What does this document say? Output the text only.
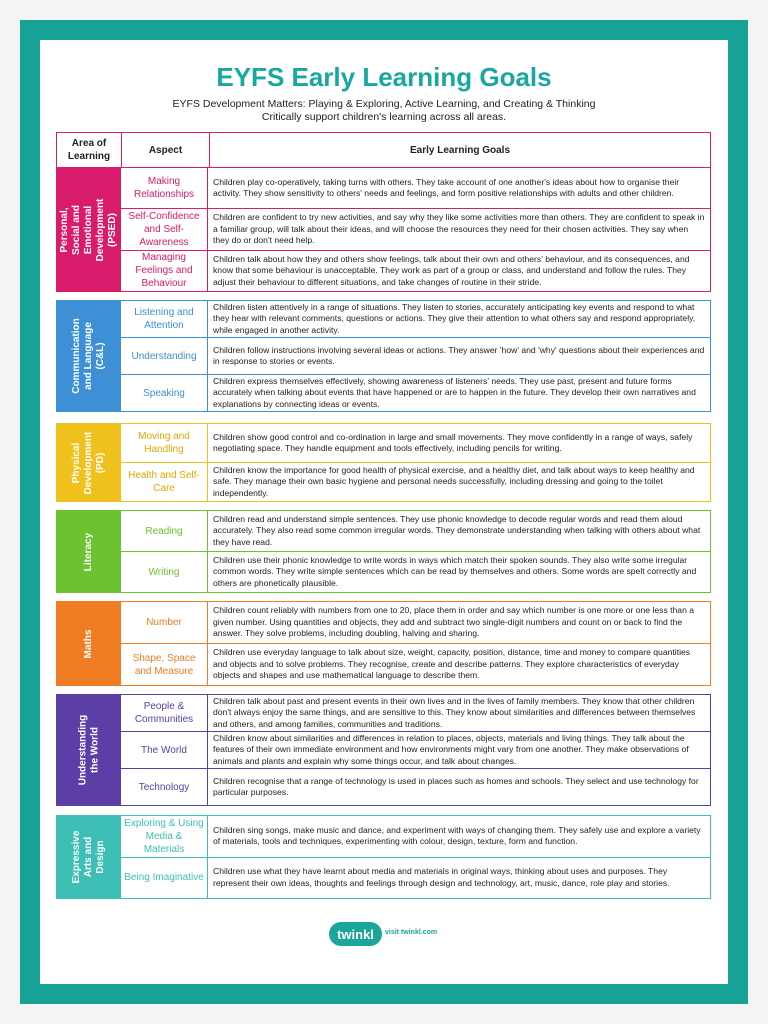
EYFS Early Learning Goals
EYFS Development Matters: Playing & Exploring, Active Learning, and Creating & Thinking
Critically support children's learning across all areas.
Area of Learning
Aspect	Early Learning Goals
Personal, Social and Emotional Development (PSED)
Making Relationships
Children play co-operatively, taking turns with others. They take account of one another's ideas about how to organise their activity. They show sensitivity to others' needs and feelings, and form positive relationships with adults and other children.
Self-Confidence and Self-Awareness
Children are confident to try new activities, and say why they like some activities more than others. They are confident to speak in a familiar group, will talk about their ideas, and will choose the resources they need for their chosen activities. They say when they do or don't need help.
Managing Feelings and Behaviour
Children talk about how they and others show feelings, talk about their own and others' behaviour, and its consequences, and know that some behaviour is unacceptable. They work as part of a group or class, and understand and follow the rules. They adjust their behaviour to different situations, and take changes of routine in their stride.
Communication and Language (C&L)
Listening and Attention
Children listen attentively in a range of situations. They listen to stories, accurately anticipating key events and respond to what they hear with relevant comments, questions or actions. They give their attention to what others say and respond appropriately, while engaged in another activity.
Understanding
Children follow instructions involving several ideas or actions. They answer 'how' and 'why' questions about their experiences and in response to stories or events.
Speaking
Children express themselves effectively, showing awareness of listeners' needs. They use past, present and future forms accurately when talking about events that have happened or are to happen in the future. They develop their own narratives and explanations by connecting ideas or events.
Physical Development (PD)
Moving and Handling
Children show good control and co-ordination in large and small movements. They move confidently in a range of ways, safely negotiating space. They handle equipment and tools effectively, including pencils for writing.
Health and Self-Care
Children know the importance for good health of physical exercise, and a healthy diet, and talk about ways to keep healthy and safe. They manage their own basic hygiene and personal needs successfully, including dressing and going to the toilet independently.
Literacy
Reading
Children read and understand simple sentences. They use phonic knowledge to decode regular words and read them aloud accurately. They also read some common irregular words. They demonstrate understanding when talking with others about what they have read.
Writing
Children use their phonic knowledge to write words in ways which match their spoken sounds. They also write some irregular common words. They write simple sentences which can be read by themselves and others. Some words are spelt correctly and others are phonetically plausible.
Maths
Number
Children count reliably with numbers from one to 20, place them in order and say which number is one more or one less than a given number. Using quantities and objects, they add and subtract two single-digit numbers and count on or back to find the answer. They solve problems, including doubling, halving and sharing.
Shape, Space and Measure
Children use everyday language to talk about size, weight, capacity, position, distance, time and money to compare quantities and objects and to solve problems. They recognise, create and describe patterns. They explore characteristics of everyday objects and shapes and use mathematical language to describe them.
Understanding the World
People & Communities
Children talk about past and present events in their own lives and in the lives of family members. They know that other children don't always enjoy the same things, and are sensitive to this. They know about similarities and differences between themselves and others, and among families, communities and traditions.
The World
Children know about similarities and differences in relation to places, objects, materials and living things. They talk about the features of their own immediate environment and how environments might vary from one another. They make observations of animals and plants and explain why some things occur, and talk about changes.
Technology
Children recognise that a range of technology is used in places such as homes and schools. They select and use technology for particular purposes.
Expressive Arts and Design
Exploring & Using Media & Materials
Children sing songs, make music and dance, and experiment with ways of changing them. They safely use and explore a variety of materials, tools and techniques, experimenting with colour, design, texture, form and function.
Being Imaginative
Children use what they have learnt about media and materials in original ways, thinking about uses and purposes. They represent their own ideas, thoughts and feelings through design and technology, art, music, dance, role play and stories.
twinkl	visit twinkl.com
